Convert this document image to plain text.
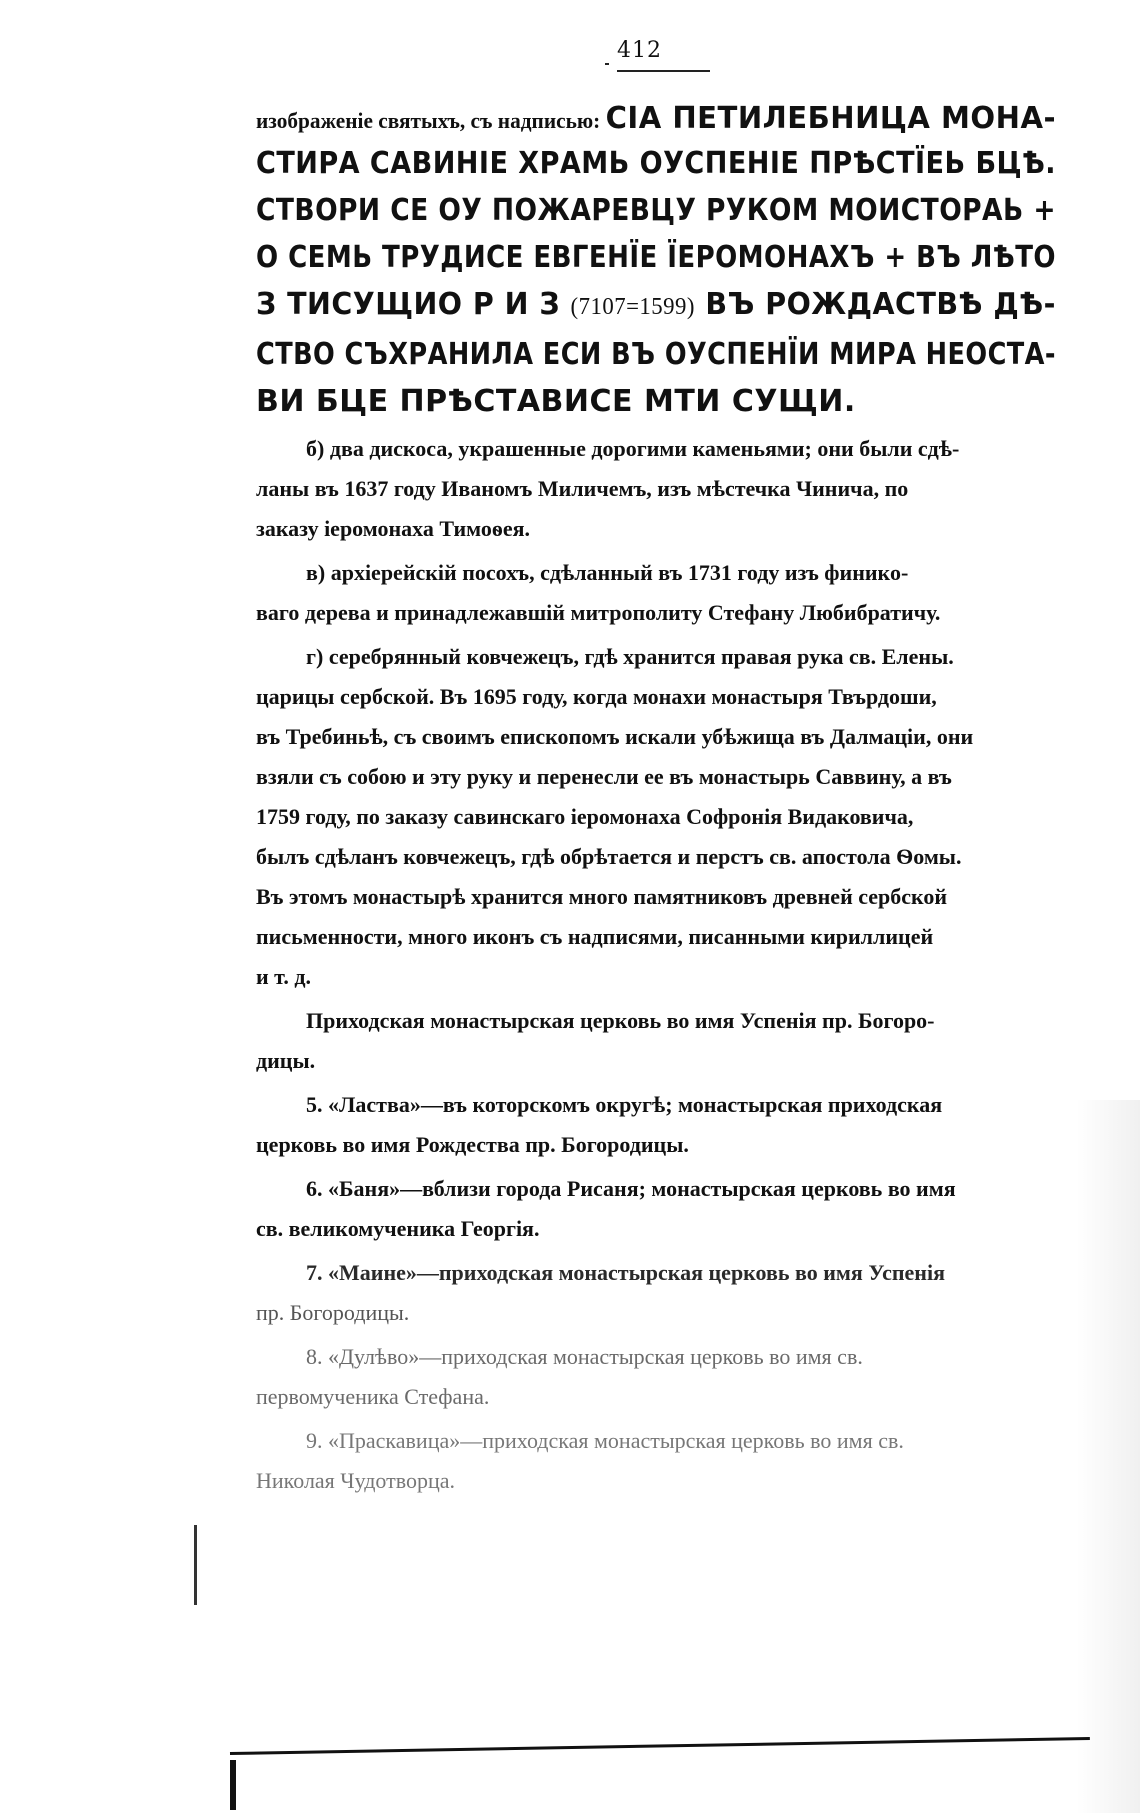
412
изображенiе святыхъ, съ надписью: СІА ПЕТИЛЕБНИЦА МОНА-
СТИРА САВИНІЕ ХРАМЬ ОУСПЕНІЕ ПРѢСТЇЕЬ БЦѢ.
СТВОРИ СЕ ОУ ПОЖАРЕВЦУ РУКОМ МОИСТОРАЬ +
О СЕМЬ ТРУДИСЕ ЕВГЕНЇЕ ЇЕРОМОНАХЪ + ВЪ ЛѢТО
З ТИСУЩИО Р И З (7107=1599) ВЪ РОЖДАСТВѢ ДѢ-
СТВО СЪХРАНИЛА ЕСИ ВЪ ОУСПЕНЇИ МИРА НЕОСТА-
ВИ БЦЕ ПРѢСТАВИСЕ МТИ СУЩИ.

б) два дискоса, украшенные дорогими каменьями; они были сдѣ-
ланы въ 1637 году Иваномъ Миличемъ, изъ мѣстечка Чинича, по
заказу iеромонаха Тимоѳея.

в) архiерейскiй посохъ, сдѣланный въ 1731 году изъ финико-
ваго дерева и принадлежавшiй митрополиту Стефану Любибратичу.

г) серебрянный ковчежецъ, гдѣ хранится правая рука св. Елены.
царицы сербской. Въ 1695 году, когда монахи монастыря Твърдоши,
въ Требиньѣ, съ своимъ епископомъ искали убѣжища въ Далмацiи, они
взяли съ собою и эту руку и перенесли ее въ монастырь Саввину, а въ
1759 году, по заказу савинскаго iеромонаха Софронiя Видаковича,
былъ сдѣланъ ковчежецъ, гдѣ обрѣтается и перстъ св. апостола Ѳомы.
Въ этомъ монастырѣ хранится много памятниковъ древней сербской
письменности, много иконъ съ надписями, писанными кириллицей
и т. д.

Приходская монастырская церковь во имя Успенiя пр. Богоро-
дицы.

5. «Ластва»—въ которскомъ округѣ; монастырская приходская
церковь во имя Рождества пр. Богородицы.

6. «Баня»—вблизи города Рисаня; монастырская церковь во имя
св. великомученика Георгiя.

7. «Маине»—приходская монастырская церковь во имя Успенiя
пр. Богородицы.

8. «Дулѣво»—приходская монастырская церковь во имя св.
первомученика Стефана.

9. «Праскавица»—приходская монастырская церковь во имя св.
Николая Чудотворца.
